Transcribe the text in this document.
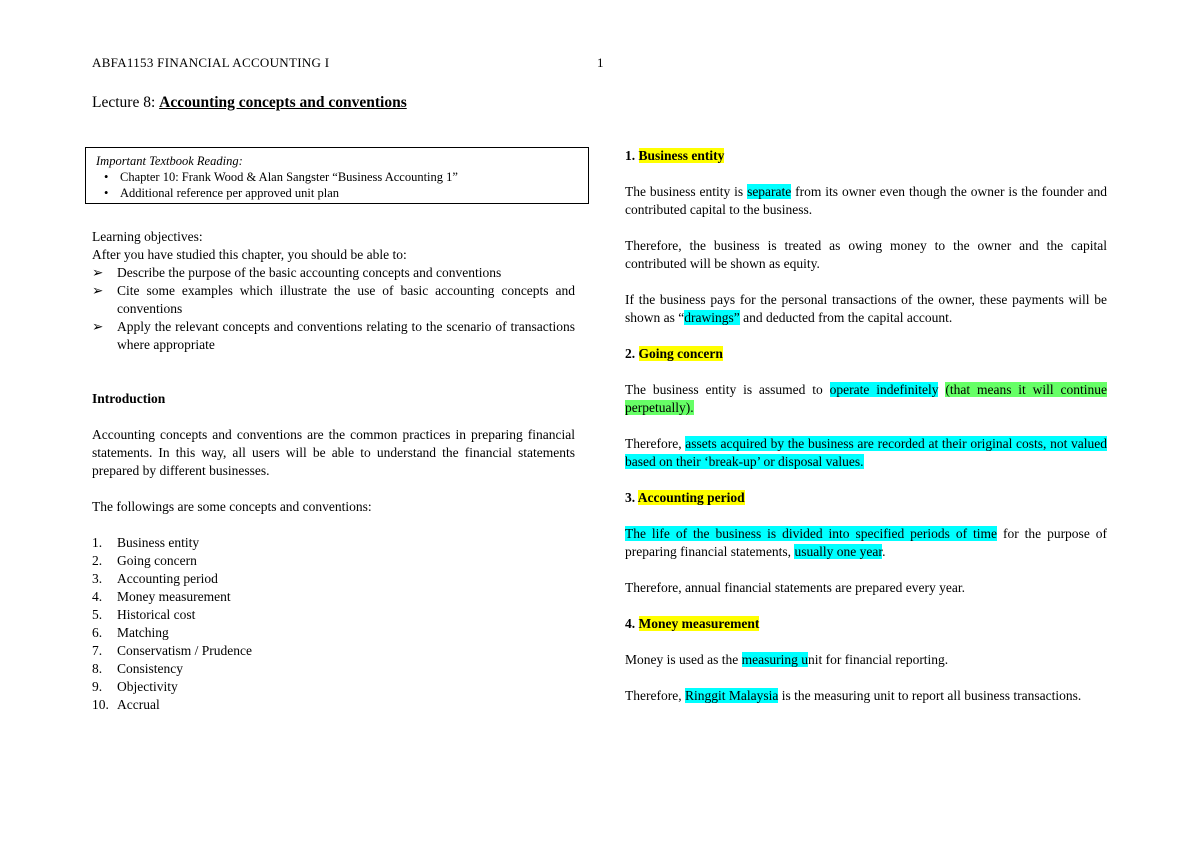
ABFA1153 FINANCIAL ACCOUNTING I	1
Lecture 8: Accounting concepts and conventions
Important Textbook Reading:
• Chapter 10: Frank Wood & Alan Sangster “Business Accounting 1”
• Additional reference per approved unit plan
Learning objectives:
After you have studied this chapter, you should be able to:
➢ Describe the purpose of the basic accounting concepts and conventions
➢ Cite some examples which illustrate the use of basic accounting concepts and conventions
➢ Apply the relevant concepts and conventions relating to the scenario of transactions where appropriate
Introduction
Accounting concepts and conventions are the common practices in preparing financial statements. In this way, all users will be able to understand the financial statements prepared by different businesses.
The followings are some concepts and conventions:
1. Business entity
2. Going concern
3. Accounting period
4. Money measurement
5. Historical cost
6. Matching
7. Conservatism / Prudence
8. Consistency
9. Objectivity
10. Accrual
1. Business entity
The business entity is separate from its owner even though the owner is the founder and contributed capital to the business.
Therefore, the business is treated as owing money to the owner and the capital contributed will be shown as equity.
If the business pays for the personal transactions of the owner, these payments will be shown as “drawings” and deducted from the capital account.
2. Going concern
The business entity is assumed to operate indefinitely (that means it will continue perpetually).
Therefore, assets acquired by the business are recorded at their original costs, not valued based on their ‘break-up’ or disposal values.
3. Accounting period
The life of the business is divided into specified periods of time for the purpose of preparing financial statements, usually one year.
Therefore, annual financial statements are prepared every year.
4. Money measurement
Money is used as the measuring unit for financial reporting.
Therefore, Ringgit Malaysia is the measuring unit to report all business transactions.
